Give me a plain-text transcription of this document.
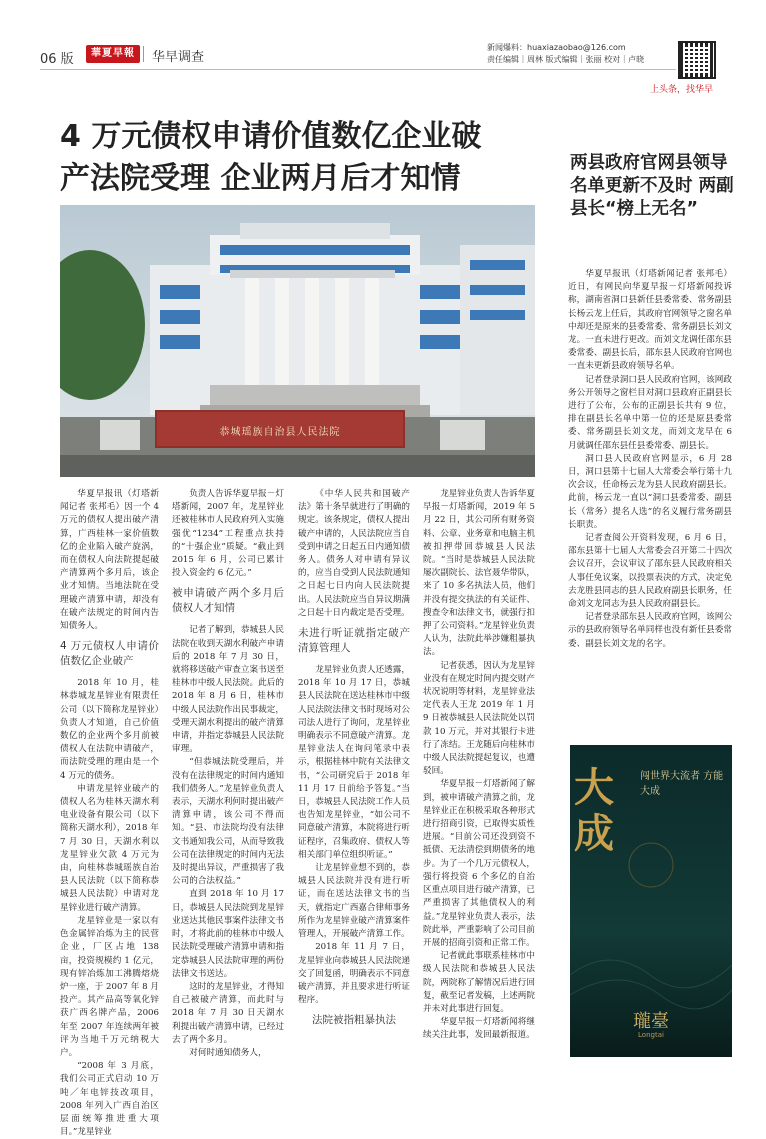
06 版	華夏早報	华早调查
新闻爆料：huaxiazaobao@126.com
责任编辑｜周林 版式编辑｜张丽 校对｜卢晓
上头条，找华早
4 万元债权申请价值数亿企业破
产法院受理 企业两月后才知情
恭城瑶族自治县人民法院

华夏早报讯（灯塔新闻记者 张邦毛）因一个 4 万元的债权人提出破产清算，广西桂林一家价值数亿的企业陷入破产旋涡，而在债权人向法院提起破产清算两个多月后，该企业才知情。当地法院在受理破产清算申请，却没有在破产法规定的时间内告知债务人。

4 万元债权人申请价值数亿企业破产

2018 年 10 月，桂林恭城龙星锌业有限责任公司（以下简称龙星锌业）负责人才知道，自己价值数亿的企业两个多月前被债权人在法院申请破产，而法院受理的理由是一个 4 万元的债务。

申请龙星锌业破产的债权人名为桂林天湖水利电业设备有限公司（以下简称天湖水利），2018 年 7 月 30 日，天湖水利以龙星锌业欠款 4 万元为由，向桂林恭城瑶族自治县人民法院（以下简称恭城县人民法院）申请对龙星锌业进行破产清算。

龙星锌业是一家以有色金属锌冶炼为主的民营企业，厂区占地 138 亩，投资规模约 1 亿元，现有锌冶炼加工沸腾熔烧炉一座，于 2007 年 8 月投产。其产品高等氧化锌获广西名牌产品，2006 年至 2007 年连续两年被评为当地千万元纳税大户。

“2008 年 3 月底，我们公司正式启动 10 万吨／年电锌技改项目，2008 年列入广西自治区层面统筹推进重大项目。”龙星锌业

负责人告诉华夏早报－灯塔新闻，2007 年，龙星锌业还被桂林市人民政府列入实施强优“1234”工程重点扶持的“十强企业”质疑。“截止到 2015 年 6 月，公司已累计投入资金约 6 亿元。”

被申请破产两个多月后 债权人才知情

记者了解到，恭城县人民法院在收到天湖水利破产申请后的 2018 年 7 月 30 日，就将移送破产审查立案书送至桂林市中级人民法院。此后的 2018 年 8 月 6 日，桂林市中级人民法院作出民事裁定，受理天湖水利提出的破产清算申请，并指定恭城县人民法院审理。

“但恭城法院受理后，并没有在法律规定的时间内通知我们债务人。”龙星锌业负责人表示，天湖水利何时提出破产清算申请，该公司不得而知。“县、市法院均没有法律文书通知我公司，从而导致我公司在法律规定的时间内无法及时提出异议，严重损害了我公司的合法权益。”

直到 2018 年 10 月 17 日，恭城县人民法院到龙星锌业送达其他民事案件法律文书时，才将此前的桂林市中级人民法院受理破产清算申请和指定恭城县人民法院审理的两份法律文书送达。

这时的龙星锌业，才得知自己被破产清算，而此时与 2018 年 7 月 30 日天湖水利提出破产清算申请，已经过去了两个多月。

对何时通知债务人，

《中华人民共和国破产法》第十条早就进行了明确的规定。该条规定，债权人提出破产申请的，人民法院应当自受到申请之日起五日内通知债务人。债务人对申请有异议的，应当自受到人民法院通知之日起七日内向人民法院提出。人民法院应当自异议期满之日起十日内裁定是否受理。

未进行听证就指定破产清算管理人

龙星锌业负责人还透露，2018 年 10 月 17 日，恭城县人民法院在送达桂林市中级人民法院法律文书时现场对公司法人进行了询问，龙星锌业明确表示不同意破产清算。龙星锌业法人在询问笔录中表示，根据桂林中院有关法律文书，“公司研究后于 2018 年 11 月 17 日前给予答复。”当日，恭城县人民法院工作人员也告知龙星锌业，“如公司不同意破产清算，本院将进行听证程序，召集政府、债权人等相关部门单位组织听证。”

让龙星锌业想不到的，恭城县人民法院并没有进行听证，而在送达法律文书的当天，就指定广西嘉合律师事务所作为龙星锌业破产清算案件管理人，开展破产清算工作。

2018 年 11 月 7 日，龙星锌业向恭城县人民法院递交了回复函，明确表示不同意破产清算，并且要求进行听证程序。

法院被指粗暴执法

龙星锌业负责人告诉华夏早报－灯塔新闻，2019 年 5 月 22 日，其公司所有财务资料、公章、业务章和电脑主机被扣押带回恭城县人民法院。“当时是恭城县人民法院屡次副院长、法官聂华带队，来了 10 多名执法人员，他们并没有提交执法的有关证件、搜查令和法律文书，就强行扣押了公司资料。”龙星锌业负责人认为，法院此举涉嫌粗暴执法。

记者获悉，因认为龙星锌业没有在规定时间内提交财产状况说明等材料，龙星锌业法定代表人王龙 2019 年 1 月 9 日被恭城县人民法院处以罚款 10 万元，并对其银行卡进行了冻结。王龙随后向桂林市中级人民法院提起复议，也遭驳回。

华夏早报－灯塔新闻了解到，被申请破产清算之前，龙星锌业正在积极采取各种形式进行招商引资，已取得实质性进展。“目前公司还没到资不抵债、无法清偿到期债务的地步。为了一个几万元债权人，强行将投资 6 个多亿的自治区重点项目进行破产清算，已严重损害了其他债权人的利益。”龙星锌业负责人表示，法院此举，严重影响了公司目前开展的招商引资和正常工作。

记者就此事联系桂林市中级人民法院和恭城县人民法院，两院称了解情况后进行回复，截至记者发稿，上述两院并未对此事进行回复。

华夏早报－灯塔新闻将继续关注此事，发回最新报道。

两县政府官网县领导名单更新不及时 两副县长“榜上无名”

华夏早报讯（灯塔新闻记者 张邦毛）近日，有网民向华夏早报－灯塔新闻投诉称，湖南省洞口县新任县委常委、常务副县长杨云龙上任后，其政府官网领导之窗名单中却还是原来的县委常委、常务副县长刘文龙。一直未进行更改。而刘文龙调任邵东县委常委、副县长后，邵东县人民政府官网也一直未更新县政府领导名单。

记者登录洞口县人民政府官网，该网政务公开领导之窗栏目对洞口县政府正副县长进行了公布，公布的正副县长共有 9 位，排在副县长名单中第一位的还是原县委常委、常务副县长刘文龙，而刘文龙早在 6 月就调任邵东县任县委常委、副县长。

洞口县人民政府官网显示，6 月 28 日，洞口县第十七届人大常委会举行第十九次会议，任命杨云龙为县人民政府副县长。此前，杨云龙一直以“洞口县委常委、副县长（常务）提名人选”的名义履行常务副县长职责。

记者查阅公开资料发现，6 月 6 日，邵东县第十七届人大常委会召开第二十四次会议召开，会议审议了邵东县人民政府相关人事任免议案，以投票表决的方式，决定免去龙胜县同志的县人民政府副县长职务，任命刘文龙同志为县人民政府副县长。

记者登录邵东县人民政府官网，该网公示的县政府领导名单同样也没有新任县委常委、副县长刘文龙的名字。

大成
闯世界大流者 方能大成
瓏臺
Longtai
